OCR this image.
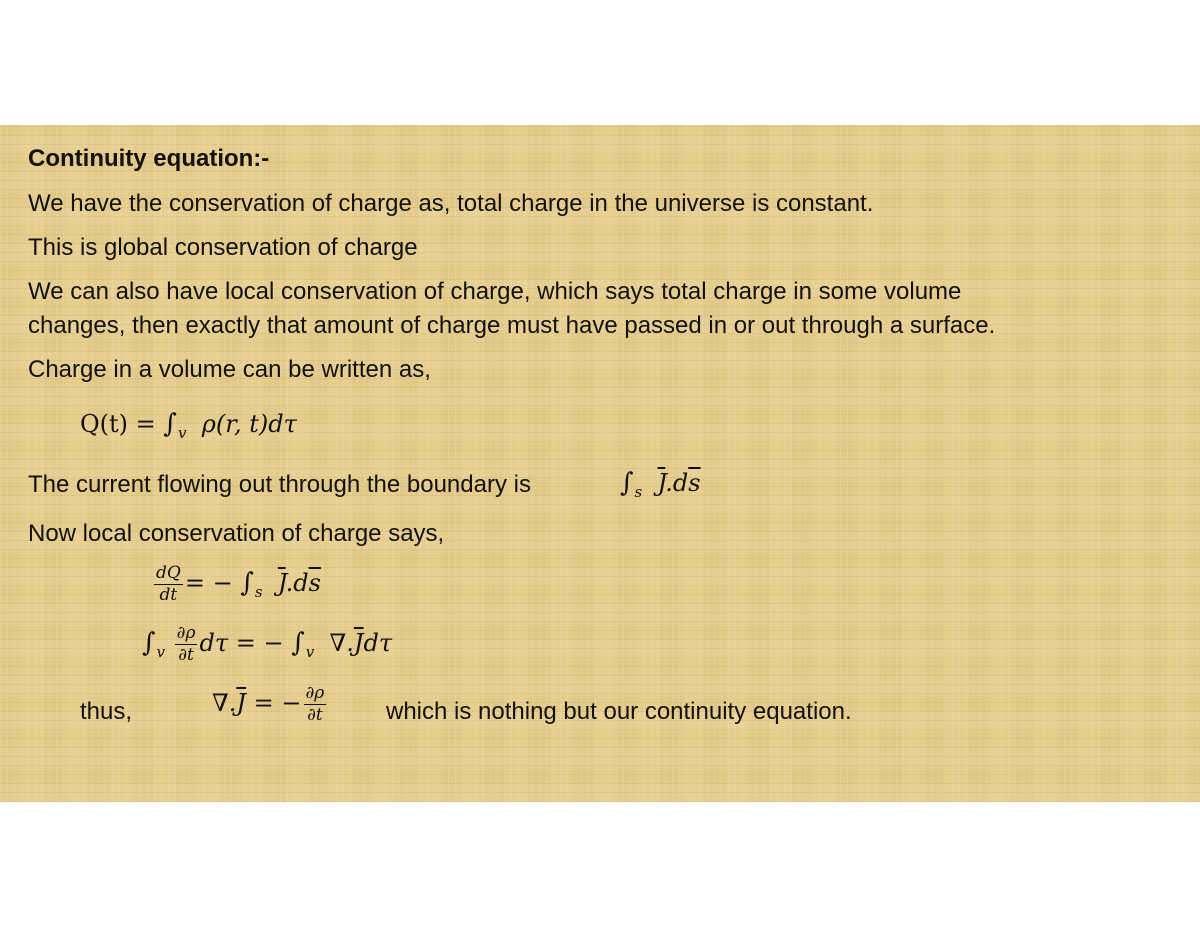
Continuity equation:-

We have the conservation of charge as, total charge in the universe is constant.

This is global conservation of charge

We can also have local conservation of charge, which says total charge in some volume

changes, then exactly that amount of charge must have passed in or out through a surface.

Charge in a volume can be written as,

$Q(t) = \int_v$ ρ(r, t)dτ

The current flowing out through the boundary is	$\int_s$ $\overline{J}.d\overline{s}$

Now local conservation of charge says,

$\frac{dQ}{dt}$ = − $\int_s$ $\overline{J}.d\overline{s}$
$\int_v \frac{\partial\rho}{\partial t}$ dτ = − $\int_v$ $\nabla.\overline{J}d\tau$

thus,	$\nabla.\overline{J}$ = − $\frac{\partial\rho}{\partial t}$ which is nothing but our continuity equation.
